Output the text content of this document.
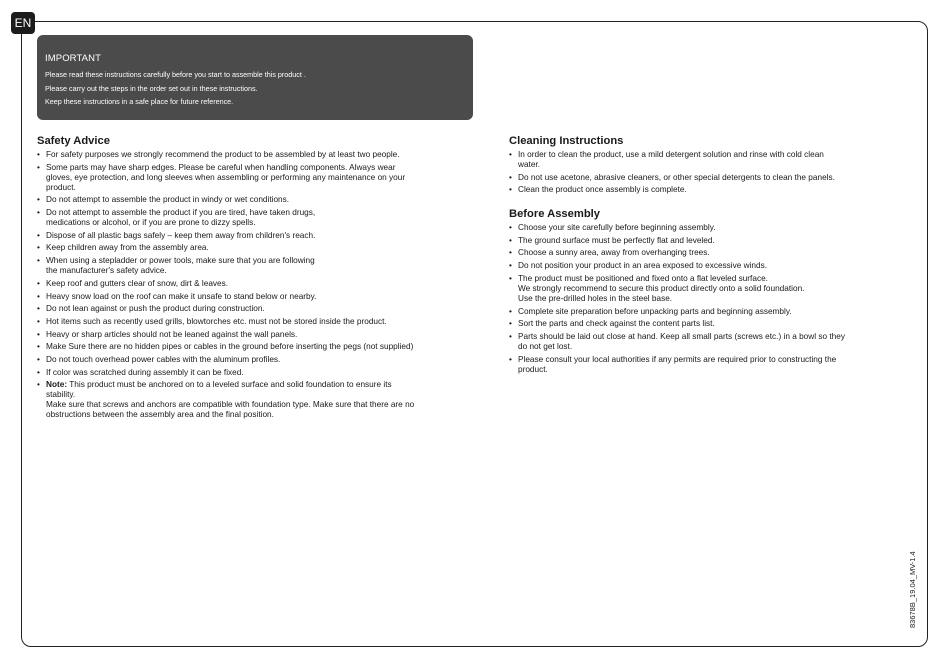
EN
IMPORTANT
Please read these instructions carefully before you start to assemble this product .
Please carry out the steps in the order set out in these instructions.
Keep these instructions in a safe place for future reference.
Safety Advice
• For safety purposes we strongly recommend the product to be assembled by at least two people.
• Some parts may have sharp edges. Please be careful when handling components. Always wear
gloves, eye protection, and long sleeves when assembling or performing any maintenance on your
product.
• Do not attempt to assemble the product in windy or wet conditions.
• Do not attempt to assemble the product if you are tired, have taken drugs,
medications or alcohol, or if you are prone to dizzy spells.
• Dispose of all plastic bags safely – keep them away from children's reach.
• Keep children away from the assembly area.
• When using a stepladder or power tools, make sure that you are following
the manufacturer's safety advice.
• Keep roof and gutters clear of snow, dirt & leaves.
• Heavy snow load on the roof can make it unsafe to stand below or nearby.
• Do not lean against or push the product during construction.
• Hot items such as recently used grills, blowtorches etc. must not be stored inside the product.
• Heavy or sharp articles should not be leaned against the wall panels.
• Make Sure there are no hidden pipes or cables in the ground before inserting the pegs (not supplied)
• Do not touch overhead power cables with the aluminum profiles.
• If color was scratched during assembly it can be fixed.
• Note: This product must be anchored on to a leveled surface and solid foundation to ensure its
stability.
Make sure that screws and anchors are compatible with foundation type. Make sure that there are no
obstructions between the assembly area and the final position.
Cleaning Instructions
• In order to clean the product, use a mild detergent solution and rinse with cold clean
water.
• Do not use acetone, abrasive cleaners, or other special detergents to clean the panels.
• Clean the product once assembly is complete.
Before Assembly
• Choose your site carefully before beginning assembly.
• The ground surface must be perfectly flat and leveled.
• Choose a sunny area, away from overhanging trees.
• Do not position your product in an area exposed to excessive winds.
• The product must be positioned and fixed onto a flat leveled surface.
We strongly recommend to secure this product directly onto a solid foundation.
Use the pre-drilled holes in the steel base.
• Complete site preparation before unpacking parts and beginning assembly.
• Sort the parts and check against the content parts list.
• Parts should be laid out close at hand. Keep all small parts (screws etc.) in a bowl so they
do not get lost.
• Please consult your local authorities if any permits are required prior to constructing the
product.
83678B_19.04_MV-1.4
